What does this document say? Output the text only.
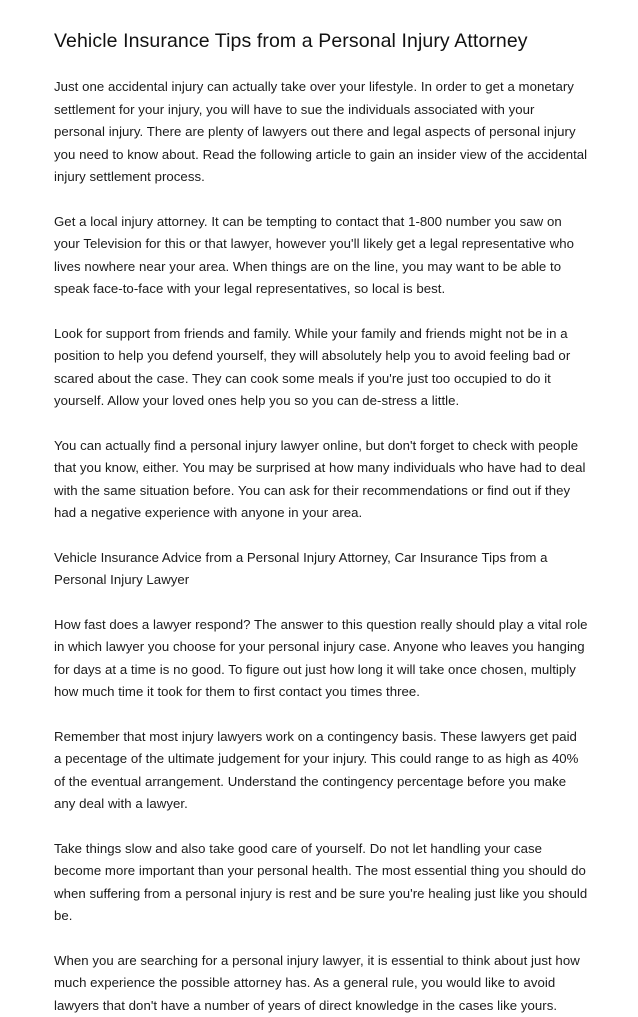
Vehicle Insurance Tips from a Personal Injury Attorney

Just one accidental injury can actually take over your lifestyle. In order to get a monetary settlement for your injury, you will have to sue the individuals associated with your personal injury. There are plenty of lawyers out there and legal aspects of personal injury you need to know about. Read the following article to gain an insider view of the accidental injury settlement process.

Get a local injury attorney. It can be tempting to contact that 1-800 number you saw on your Television for this or that lawyer, however you'll likely get a legal representative who lives nowhere near your area. When things are on the line, you may want to be able to speak face-to-face with your legal representatives, so local is best.

Look for support from friends and family. While your family and friends might not be in a position to help you defend yourself, they will absolutely help you to avoid feeling bad or scared about the case. They can cook some meals if you're just too occupied to do it yourself. Allow your loved ones help you so you can de-stress a little.

You can actually find a personal injury lawyer online, but don't forget to check with people that you know, either. You may be surprised at how many individuals who have had to deal with the same situation before. You can ask for their recommendations or find out if they had a negative experience with anyone in your area.

Vehicle Insurance Advice from a Personal Injury Attorney, Car Insurance Tips from a Personal Injury Lawyer

How fast does a lawyer respond? The answer to this question really should play a vital role in which lawyer you choose for your personal injury case. Anyone who leaves you hanging for days at a time is no good. To figure out just how long it will take once chosen, multiply how much time it took for them to first contact you times three.

Remember that most injury lawyers work on a contingency basis. These lawyers get paid a pecentage of the ultimate judgement for your injury. This could range to as high as 40% of the eventual arrangement. Understand the contingency percentage before you make any deal with a lawyer.

Take things slow and also take good care of yourself. Do not let handling your case become more important than your personal health. The most essential thing you should do when suffering from a personal injury is rest and be sure you're healing just like you should be.

When you are searching for a personal injury lawyer, it is essential to think about just how much experience the possible attorney has. As a general rule, you would like to avoid lawyers that don't have a number of years of direct knowledge in the cases like yours.
